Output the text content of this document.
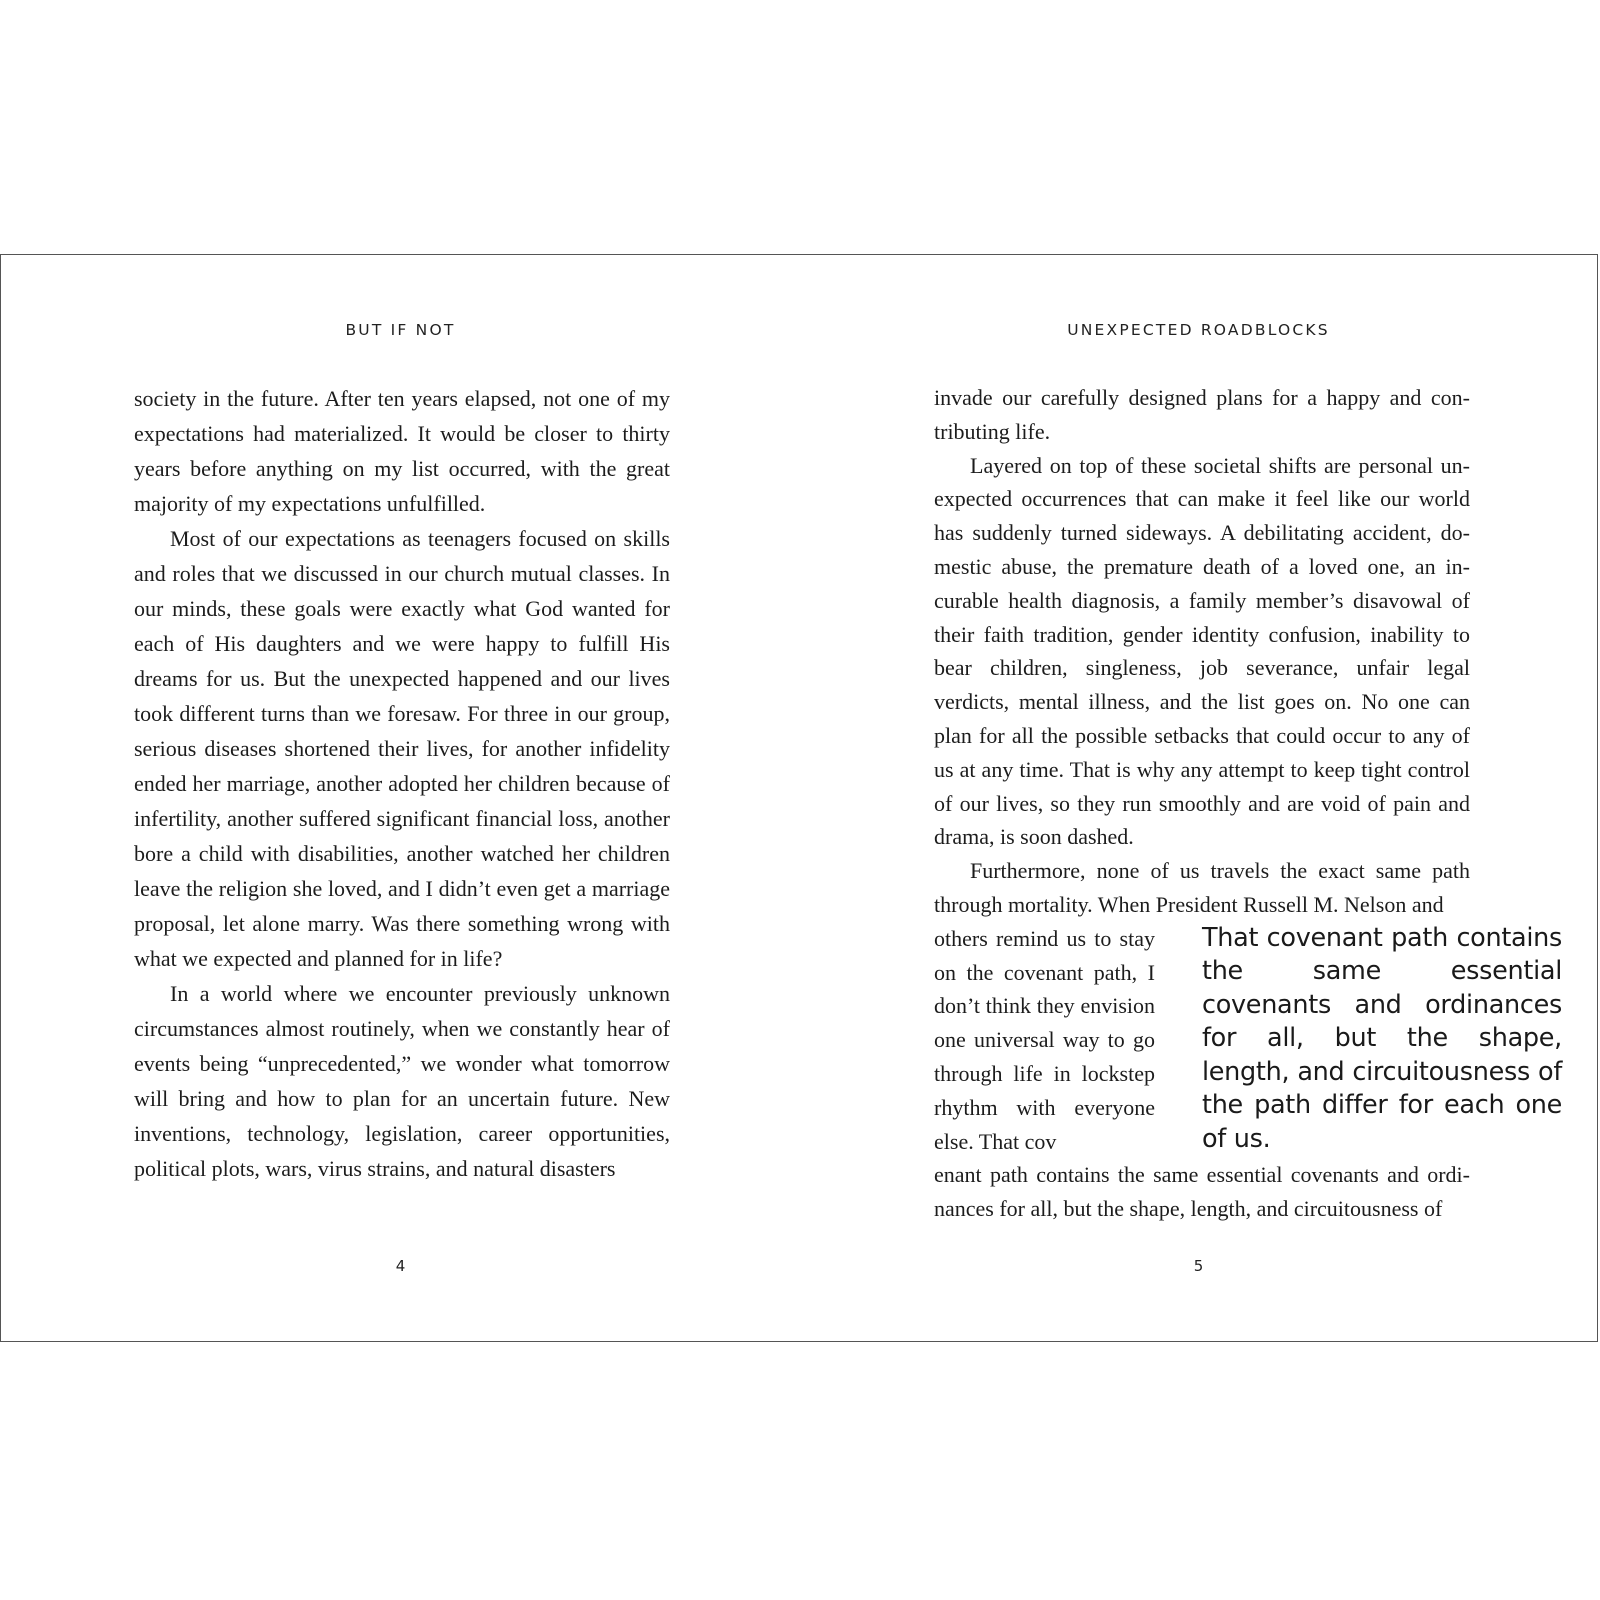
BUT IF NOT

society in the future. After ten years elapsed, not one of my expectations had materialized. It would be closer to thirty years before anything on my list occurred, with the great majority of my expectations unfulfilled.

Most of our expectations as teenagers focused on skills and roles that we discussed in our church mutual classes. In our minds, these goals were exactly what God wanted for each of His daughters and we were happy to fulfill His dreams for us. But the unexpected happened and our lives took different turns than we foresaw. For three in our group, serious diseases shortened their lives, for another infidelity ended her marriage, another adopted her children because of infertility, another suffered significant financial loss, another bore a child with disabilities, another watched her children leave the religion she loved, and I didn’t even get a marriage proposal, let alone marry. Was there something wrong with what we expected and planned for in life?

In a world where we encounter previously unknown circumstances almost routinely, when we constantly hear of events being “unprecedented,” we wonder what tomorrow will bring and how to plan for an uncertain future. New inventions, technology, legislation, career opportunities, political plots, wars, virus strains, and natural disasters

4
UNEXPECTED ROADBLOCKS

invade our carefully designed plans for a happy and contributing life.

Layered on top of these societal shifts are personal unexpected occurrences that can make it feel like our world has suddenly turned sideways. A debilitating accident, domestic abuse, the premature death of a loved one, an incurable health diagnosis, a family member’s disavowal of their faith tradition, gender identity confusion, inability to bear children, singleness, job severance, unfair legal verdicts, mental illness, and the list goes on. No one can plan for all the possible setbacks that could occur to any of us at any time. That is why any attempt to keep tight control of our lives, so they run smoothly and are void of pain and drama, is soon dashed.

Furthermore, none of us travels the exact same path through mortality. When President Russell M. Nelson and

others remind us to stay on the covenant path, I don’t think they envision one universal way to go through life in lockstep rhythm with everyone else. That cov
That covenant path contains the same essential covenants and ordinances for all, but the shape, length, and circuitousness of the path differ for each one of us.

enant path contains the same essential covenants and ordinances for all, but the shape, length, and circuitousness of

5
